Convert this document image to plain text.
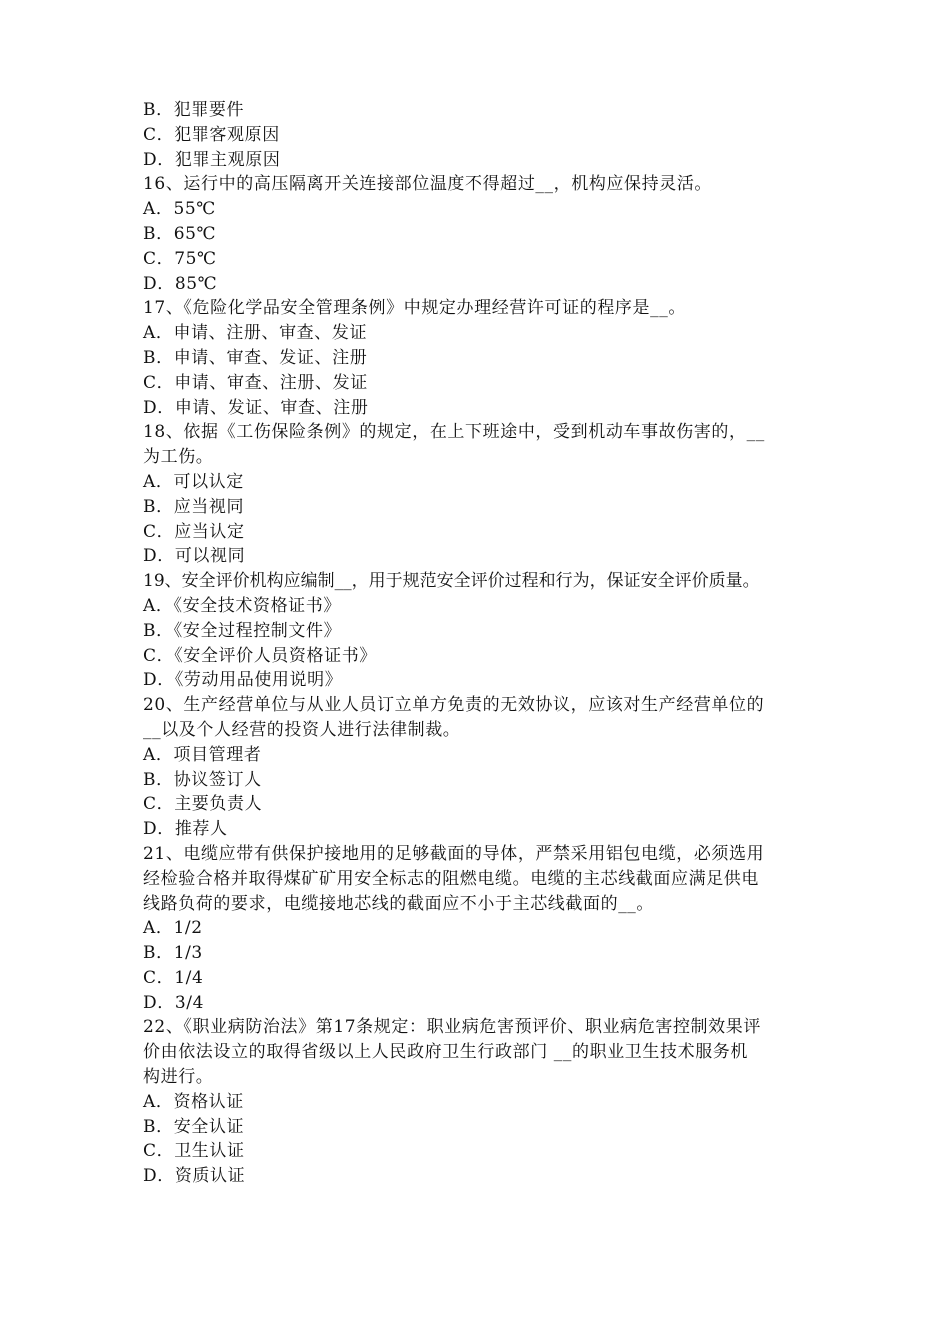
B．犯罪要件
C．犯罪客观原因
D．犯罪主观原因
16、运行中的高压隔离开关连接部位温度不得超过__，机构应保持灵活。
A．55℃
B．65℃
C．75℃
D．85℃
17、《危险化学品安全管理条例》中规定办理经营许可证的程序是__。
A．申请、注册、审查、发证
B．申请、审查、发证、注册
C．申请、审查、注册、发证
D．申请、发证、审查、注册
18、依据《工伤保险条例》的规定，在上下班途中，受到机动车事故伤害的，__
为工伤。
A．可以认定
B．应当视同
C．应当认定
D．可以视同
19、安全评价机构应编制__，用于规范安全评价过程和行为，保证安全评价质量。
A．《安全技术资格证书》
B．《安全过程控制文件》
C．《安全评价人员资格证书》
D．《劳动用品使用说明》
20、生产经营单位与从业人员订立单方免责的无效协议，应该对生产经营单位的
__以及个人经营的投资人进行法律制裁。
A．项目管理者
B．协议签订人
C．主要负责人
D．推荐人
21、电缆应带有供保护接地用的足够截面的导体，严禁采用铝包电缆，必须选用
经检验合格并取得煤矿矿用安全标志的阻燃电缆。电缆的主芯线截面应满足供电
线路负荷的要求，电缆接地芯线的截面应不小于主芯线截面的__。
A．1/2
B．1/3
C．1/4
D．3/4
22、《职业病防治法》第17条规定：职业病危害预评价、职业病危害控制效果评
价由依法设立的取得省级以上人民政府卫生行政部门 __的职业卫生技术服务机
构进行。
A．资格认证
B．安全认证
C．卫生认证
D．资质认证
